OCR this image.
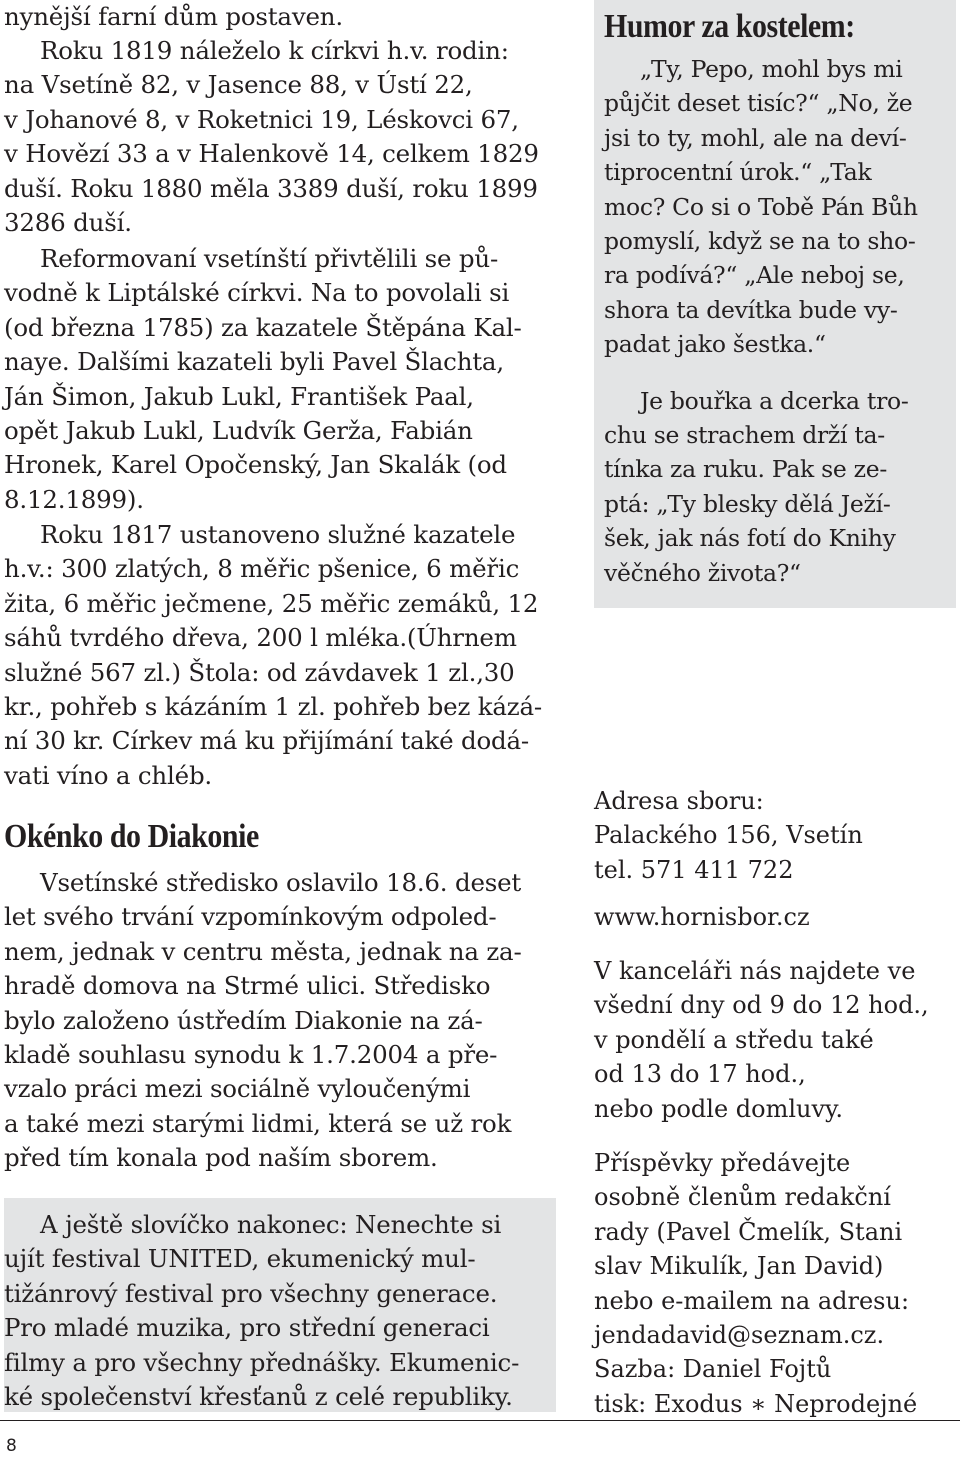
nynější farní dům postaven.
Roku 1819 náleželo k církvi h.v. rodin:
na Vsetíně 82, v Jasence 88, v Ústí 22,
v Johanové 8, v Roketnici 19, Léskovci 67,
v Hovězí 33 a v Halenkově 14, celkem 1829
duší. Roku 1880 měla 3389 duší, roku 1899
3286 duší.
Reformovaní vsetínští přivtělili se pů-
vodně k Liptálské církvi. Na to povolali si
(od března 1785) za kazatele Štěpána Kal-
naye. Dalšími kazateli byli Pavel Šlachta,
Ján Šimon, Jakub Lukl, František Paal,
opět Jakub Lukl, Ludvík Gerža, Fabián
Hronek, Karel Opočenský, Jan Skalák (od
8.12.1899).
Roku 1817 ustanoveno služné kazatele
h.v.: 300 zlatých, 8 měřic pšenice, 6 měřic
žita, 6 měřic ječmene, 25 měřic zemáků, 12
sáhů tvrdého dřeva, 200 l mléka.(Úhrnem
služné 567 zl.) Štola: od závdavek 1 zl.,30
kr., pohřeb s kázáním 1 zl. pohřeb bez kázá-
ní 30 kr. Církev má ku přijímání také dodá-
vati víno a chléb.
Okénko do Diakonie
Vsetínské středisko oslavilo 18.6. deset
let svého trvání vzpomínkovým odpoled-
nem, jednak v centru města, jednak na za-
hradě domova na Strmé ulici. Středisko
bylo založeno ústředím Diakonie na zá-
kladě souhlasu synodu k 1.7.2004 a pře-
vzalo práci mezi sociálně vyloučenými
a také mezi starými lidmi, která se už rok
před tím konala pod naším sborem.
A ještě slovíčko nakonec: Nenechte si
ujít festival UNITED, ekumenický mul-
tižánrový festival pro všechny generace.
Pro mladé muzika, pro střední generaci
filmy a pro všechny přednášky. Ekumenic-
ké společenství křesťanů z celé republiky.
Humor za kostelem:
„Ty, Pepo, mohl bys mi
půjčit deset tisíc?“ „No, že
jsi to ty, mohl, ale na deví-
tiprocentní úrok.“ „Tak
moc? Co si o Tobě Pán Bůh
pomyslí, když se na to sho-
ra podívá?“ „Ale neboj se,
shora ta devítka bude vy-
padat jako šestka.“
Je bouřka a dcerka tro-
chu se strachem drží ta-
tínka za ruku. Pak se ze-
ptá: „Ty blesky dělá Ježí-
šek, jak nás fotí do Knihy
věčného života?“
Adresa sboru:
Palackého 156, Vsetín
tel. 571 411 722
www.hornisbor.cz
V kanceláři nás najdete ve
všední dny od 9 do 12 hod.,
v pondělí a středu také
od 13 do 17 hod.,
nebo podle domluvy.
Příspěvky předávejte
osobně členům redakční
rady (Pavel Čmelík, Stani
slav Mikulík, Jan David)
nebo e-mailem na adresu:
jendadavid@seznam.cz.
Sazba: Daniel Fojtů
tisk: Exodus ∗ Neprodejné
8
